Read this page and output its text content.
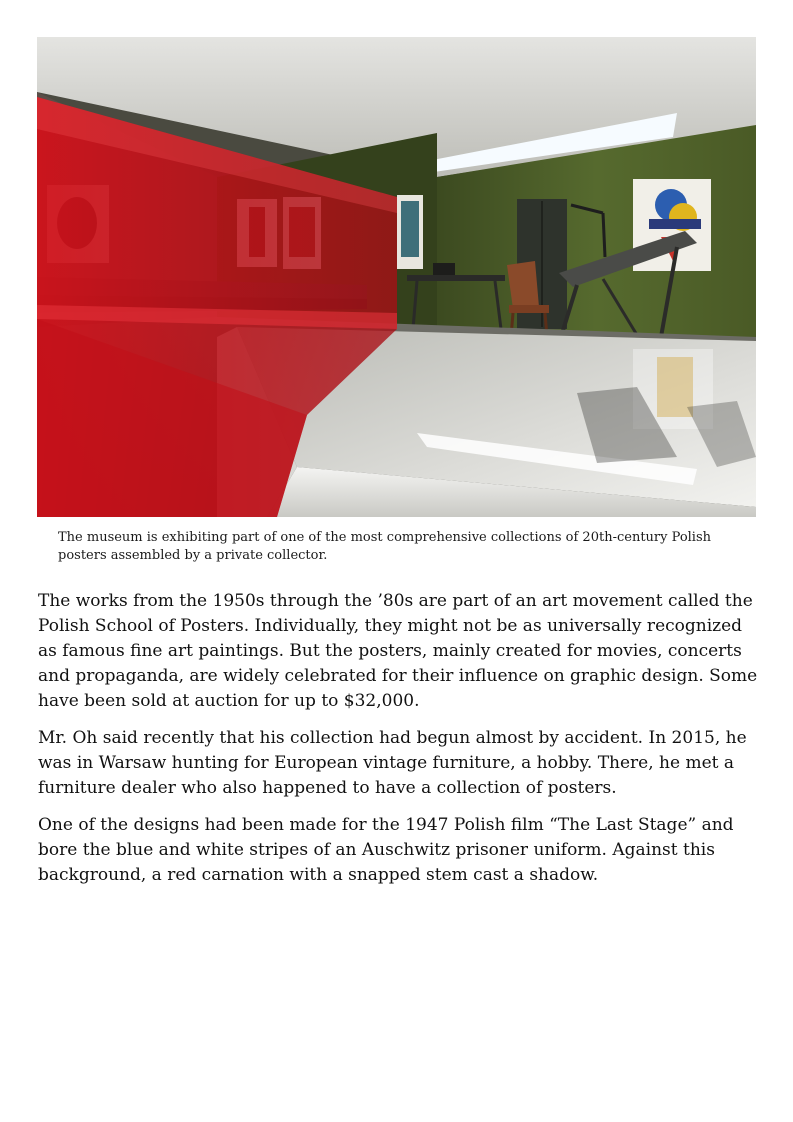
The museum is exhibiting part of one of the most comprehensive collections of 20th-century Polish posters assembled by a private collector.

The works from the 1950s through the ’80s are part of an art movement called the Polish School of Posters. Individually, they might not be as universally recognized as famous fine art paintings. But the posters, mainly created for movies, concerts and propaganda, are widely celebrated for their influence on graphic design. Some have been sold at auction for up to $32,000.

Mr. Oh said recently that his collection had begun almost by accident. In 2015, he was in Warsaw hunting for European vintage furniture, a hobby. There, he met a furniture dealer who also happened to have a collection of posters.

One of the designs had been made for the 1947 Polish film “The Last Stage” and bore the blue and white stripes of an Auschwitz prisoner uniform. Against this background, a red carnation with a snapped stem cast a shadow.
